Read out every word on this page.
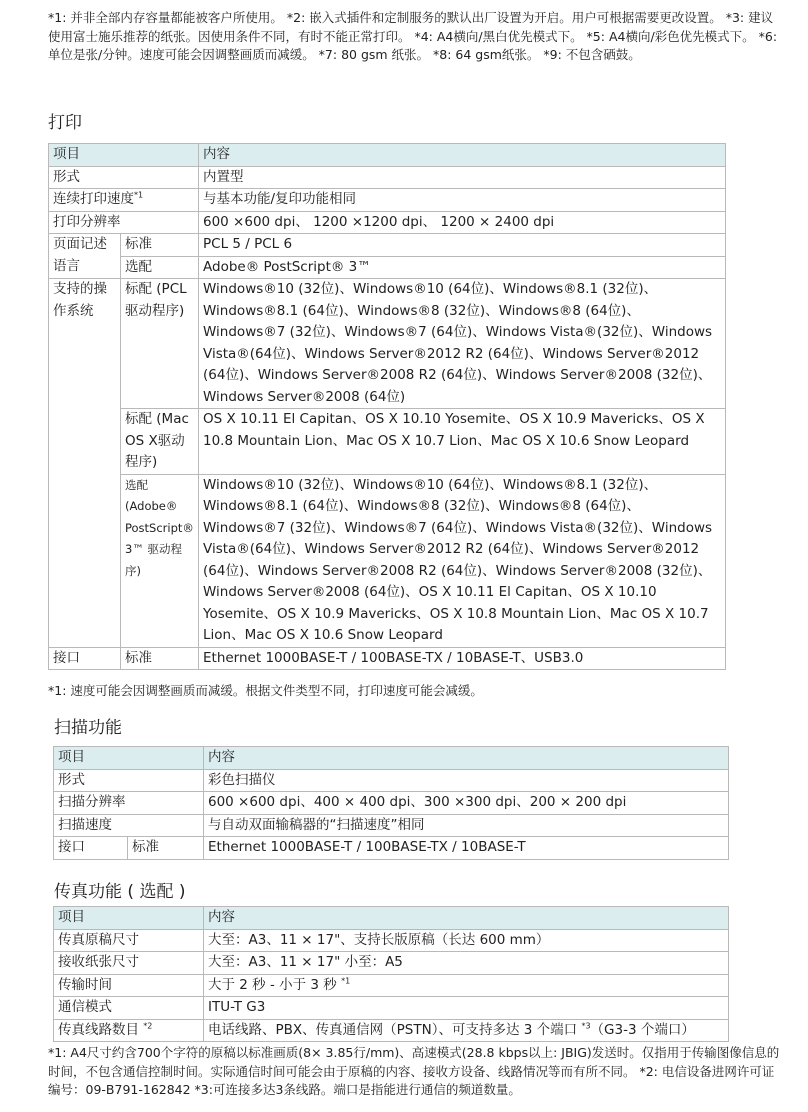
*1: 并非全部内存容量都能被客户所使用。 *2: 嵌入式插件和定制服务的默认出厂设置为开启。用户可根据需要更改设置。 *3: 建议使用富士施乐推荐的纸张。因使用条件不同，有时不能正常打印。 *4: A4横向/黑白优先模式下。 *5: A4横向/彩色优先模式下。 *6: 单位是张/分钟。速度可能会因调整画质而减缓。 *7: 80 gsm 纸张。 *8: 64 gsm纸张。 *9: 不包含硒鼓。
打印
项目		内容
形式		内置型
连续打印速度$^{*1}$		与基本功能/复印功能相同
打印分辨率		600 ×600 dpi、 1200 ×1200 dpi、 1200 × 2400 dpi
页面记述语言	标准	PCL 5 / PCL 6
	选配	Adobe® PostScript® 3™
支持的操作系统	标配 (PCL 驱动程序)	Windows®10 (32位)、Windows®10 (64位)、Windows®8.1 (32位)、Windows®8.1 (64位)、Windows®8 (32位)、Windows®8 (64位)、Windows®7 (32位)、Windows®7 (64位)、Windows Vista®(32位)、Windows Vista®(64位)、Windows Server®2012 R2 (64位)、Windows Server®2012 (64位)、Windows Server®2008 R2 (64位)、Windows Server®2008 (32位)、Windows Server®2008 (64位)
	标配 (Mac OS X驱动程序)	OS X 10.11 El Capitan、OS X 10.10 Yosemite、OS X 10.9 Mavericks、OS X 10.8 Mountain Lion、Mac OS X 10.7 Lion、Mac OS X 10.6 Snow Leopard
	选配 (Adobe® PostScript® 3™ 驱动程序)	Windows®10 (32位)、Windows®10 (64位)、Windows®8.1 (32位)、Windows®8.1 (64位)、Windows®8 (32位)、Windows®8 (64位)、Windows®7 (32位)、Windows®7 (64位)、Windows Vista®(32位)、Windows Vista®(64位)、Windows Server®2012 R2 (64位)、Windows Server®2012 (64位)、Windows Server®2008 R2 (64位)、Windows Server®2008 (32位)、Windows Server®2008 (64位)、OS X 10.11 El Capitan、OS X 10.10 Yosemite、OS X 10.9 Mavericks、OS X 10.8 Mountain Lion、Mac OS X 10.7 Lion、Mac OS X 10.6 Snow Leopard
接口	标准	Ethernet 1000BASE-T / 100BASE-TX / 10BASE-T、USB3.0
*1: 速度可能会因调整画质而减缓。根据文件类型不同，打印速度可能会减缓。
扫描功能
项目		内容
形式		彩色扫描仪
扫描分辨率		600 ×600 dpi、400 × 400 dpi、300 ×300 dpi、200 × 200 dpi
扫描速度		与自动双面输稿器的“扫描速度”相同
接口	标准	Ethernet 1000BASE-T / 100BASE-TX / 10BASE-T
传真功能 ( 选配 )
项目	内容
传真原稿尺寸	大至：A3、11 × 17"、支持长版原稿（长达 600 mm）
接收纸张尺寸	大至：A3、11 × 17" 小至：A5
传输时间	大于 2 秒 - 小于 3 秒 $^{*1}$
通信模式	ITU-T G3
传真线路数目 $^{*2}$	电话线路、PBX、传真通信网（PSTN）、可支持多达 3 个端口 $^{*3}$（G3-3 个端口）
*1: A4尺寸约含700个字符的原稿以标准画质(8× 3.85行/mm)、高速模式(28.8 kbps以上: JBIG)发送时。仅指用于传输图像信息的时间，不包含通信控制时间。实际通信时间可能会由于原稿的内容、接收方设备、线路情况等而有所不同。 *2: 电信设备进网许可证编号：09-B791-162842 *3:可连接多达3条线路。端口是指能进行通信的频道数量。
